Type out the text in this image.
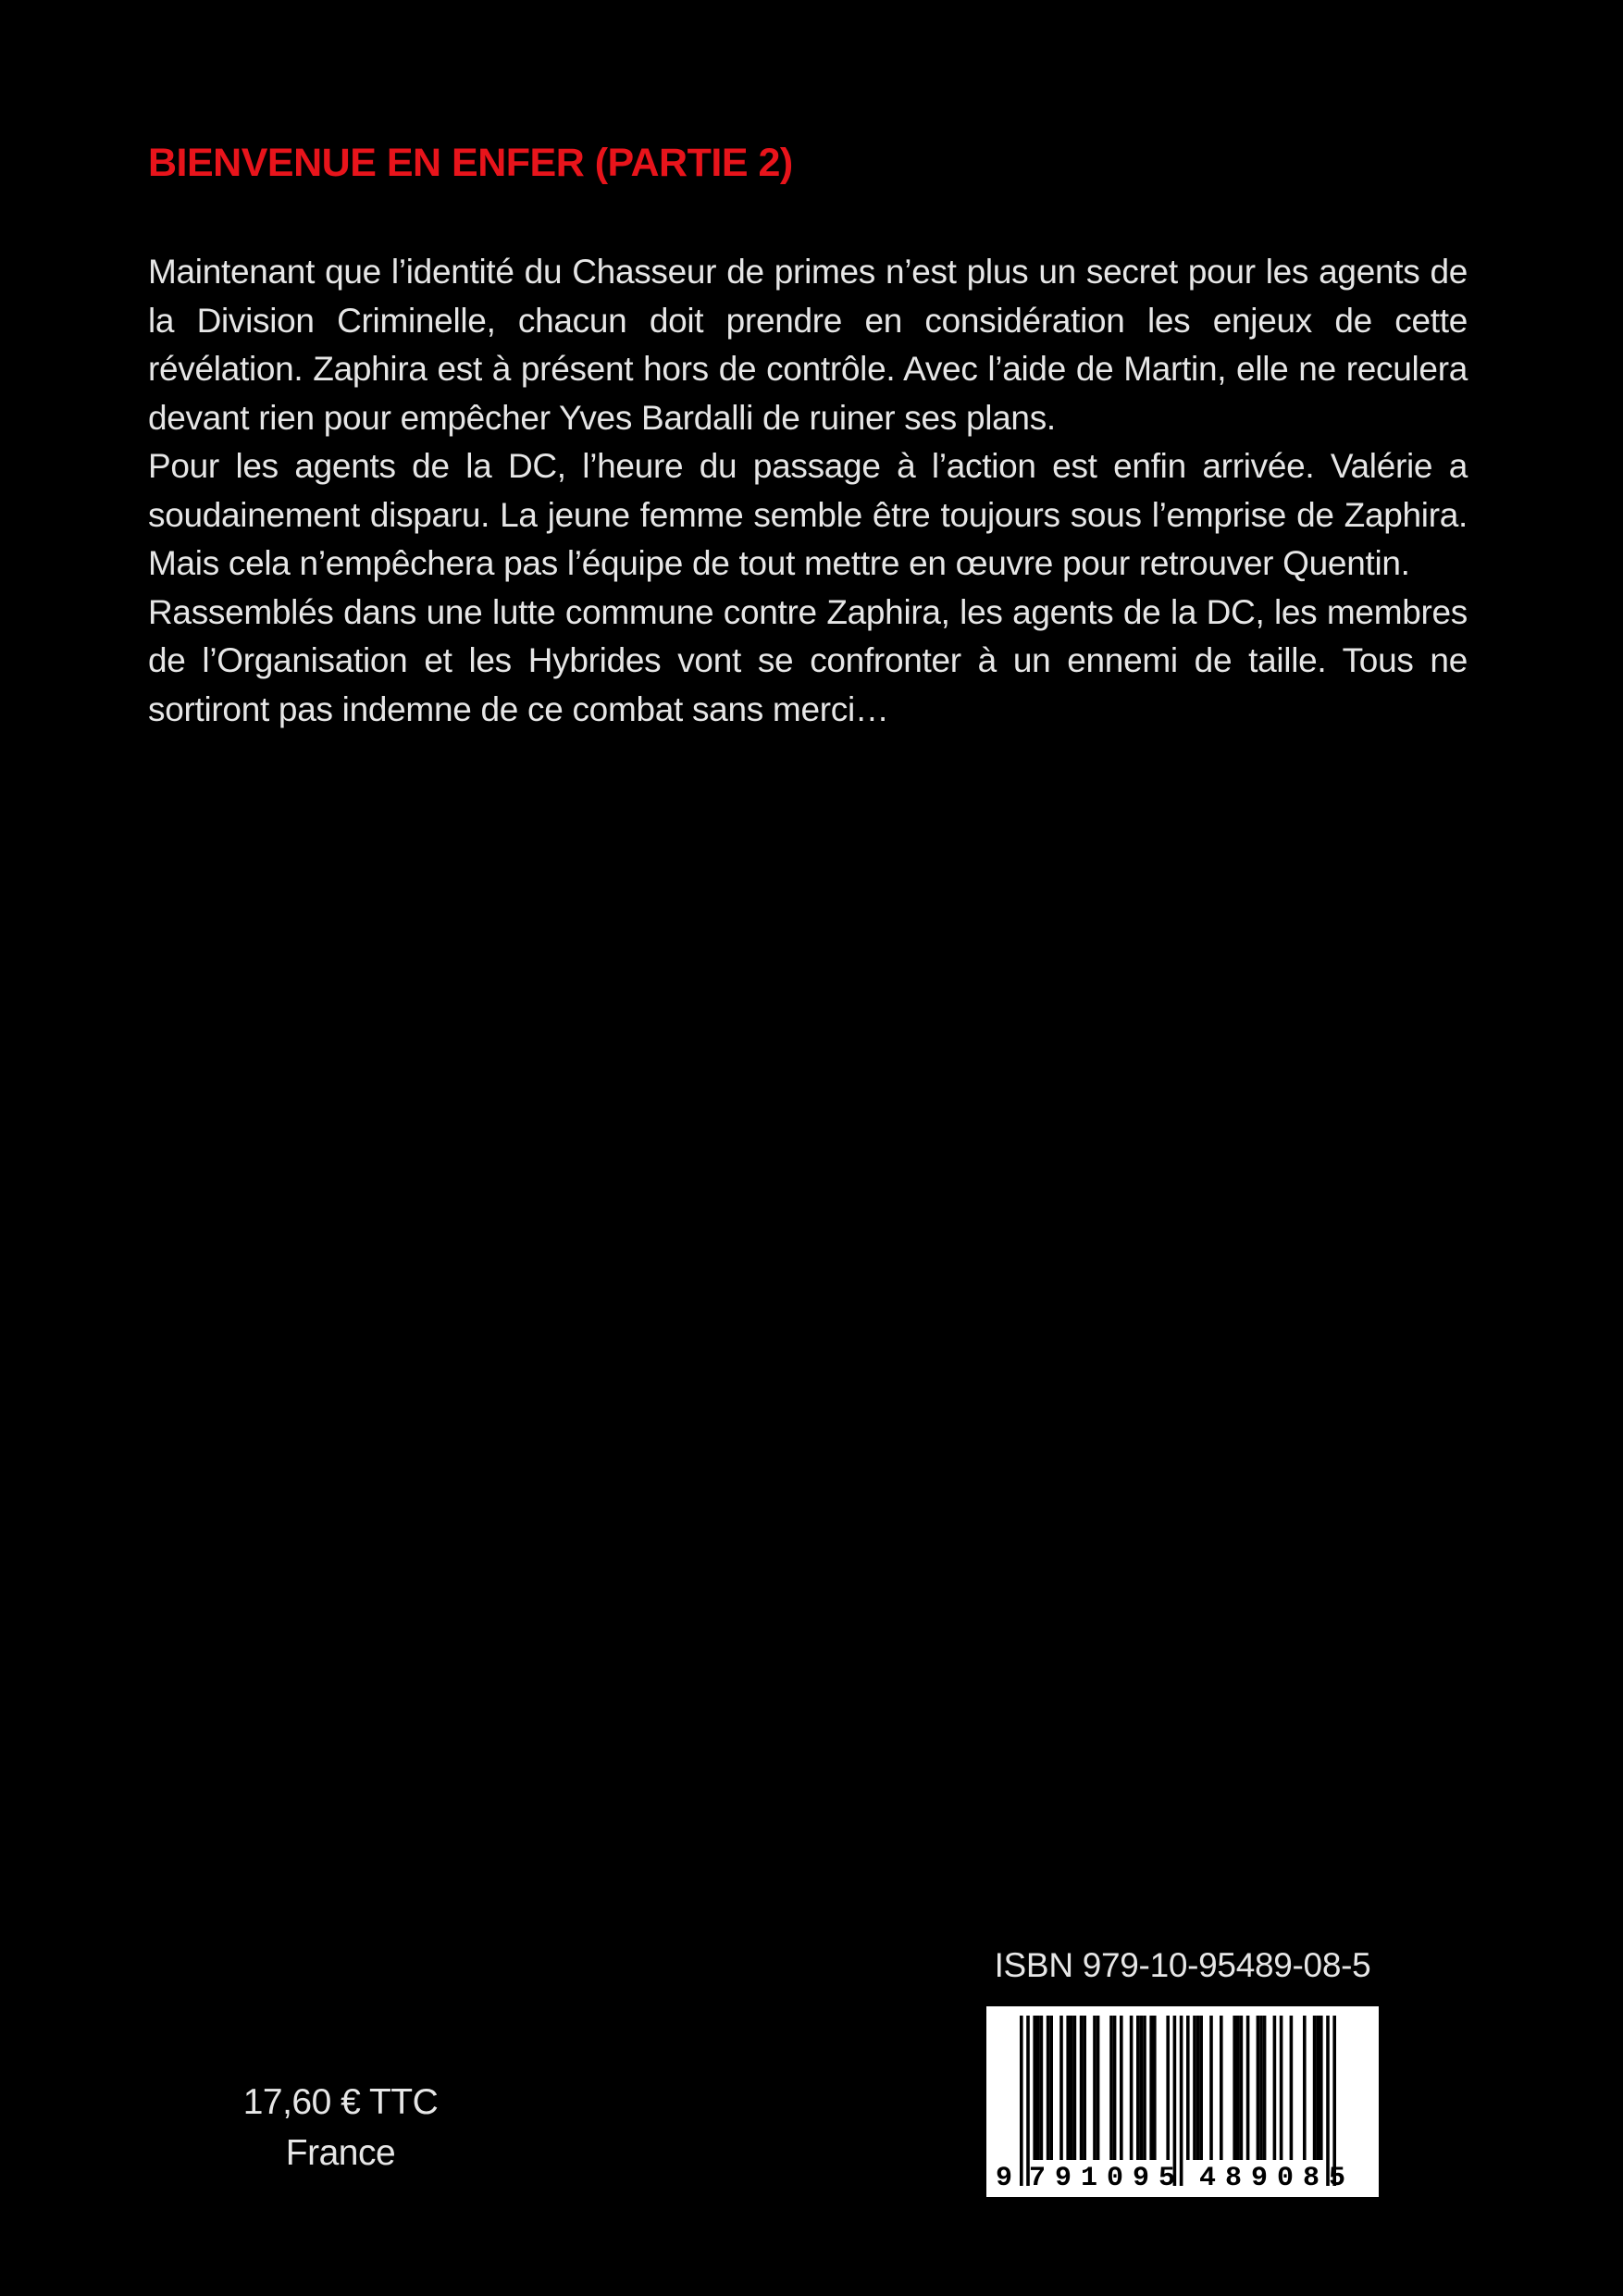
BIENVENUE EN ENFER (PARTIE 2)

Maintenant que l’identité du Chasseur de primes n’est plus un secret pour les agents de la Division Criminelle, chacun doit prendre en considération les enjeux de cette révélation. Zaphira est à présent hors de contrôle. Avec l’aide de Martin, elle ne reculera devant rien pour empêcher Yves Bardalli de ruiner ses plans.

Pour les agents de la DC, l’heure du passage à l’action est enfin arrivée. Valérie a soudainement disparu. La jeune femme semble être toujours sous l’emprise de Zaphira. Mais cela n’empêchera pas l’équipe de tout mettre en œuvre pour retrouver Quentin.

Rassemblés dans une lutte commune contre Zaphira, les agents de la DC, les membres de l’Organisation et les Hybrides vont se confronter à un ennemi de taille. Tous ne sortiront pas indemne de ce combat sans merci…

ISBN 979-10-95489-08-5
9 7 9 1 0 9 5 4 8 9 0 8 5
17,60 € TTC
France
